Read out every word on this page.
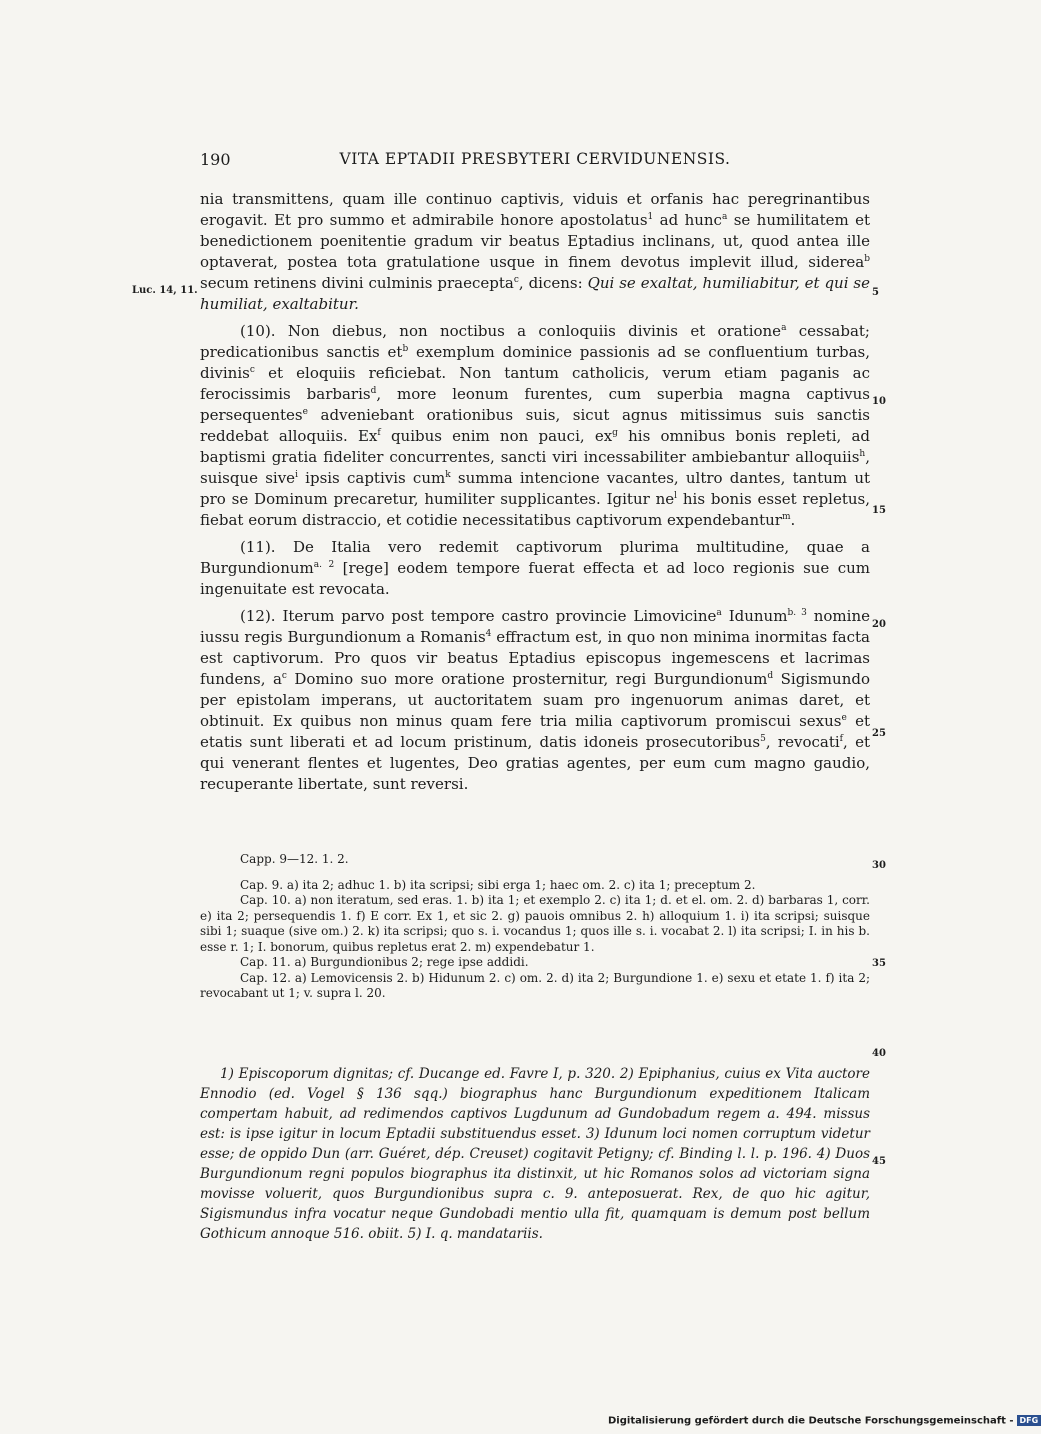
190	VITA EPTADII PRESBYTERI CERVIDUNENSIS.
Luc. 14, 11.	5
10
15
20
25
30
35
40
45

nia transmittens, quam ille continuo captivis, viduis et orfanis hac peregrinantibus erogavit. Et pro summo et admirabile honore apostolatus$^1$ ad hunc$^a$ se humilitatem et benedictionem poenitentie gradum vir beatus Eptadius inclinans, ut, quod antea ille optaverat, postea tota gratulatione usque in finem devotus implevit illud, siderea$^b$ secum retinens divini culminis praecepta$^c$, dicens: Qui se exaltat, humiliabitur, et qui se humiliat, exaltabitur.

(10). Non diebus, non noctibus a conloquiis divinis et oratione$^a$ cessabat; predicationibus sanctis $et^b$ exemplum dominice passionis ad se confluentium turbas, divinis$^c$ et eloquiis reficiebat. Non tantum catholicis, verum etiam paganis ac ferocissimis barbaris$^d$, more leonum furentes, cum superbia magna captivus persequentes$^e$ adveniebant orationibus suis, sicut agnus mitissimus suis sanctis reddebat alloquiis. Ex$^f$ quibus enim non pauci, $ex^g$ his omnibus bonis repleti, ad baptismi gratia fideliter concurrentes, sancti viri incessabiliter ambiebantur alloquiis$^h$, suisque sive$^i$ ipsis captivis cum$^k$ summa intencione vacantes, ultro dantes, tantum ut pro se Dominum precaretur, humiliter supplicantes. Igitur $ne^l$ his bonis esset repletus, fiebat eorum distraccio, et cotidie necessitatibus captivorum expendebantur$^m$.

(11). De Italia vero redemit captivorum plurima multitudine, quae a Burgundionum$^{a. 2}$ [rege] eodem tempore fuerat effecta et ad loco regionis sue cum ingenuitate est revocata.

(12). Iterum parvo post tempore castro provincie Limovicine$^a$ Idunum$^{b. 3}$ nomine iussu regis Burgundionum a Romanis$^4$ effractum est, in quo non minima inormitas facta est captivorum. Pro quos vir beatus Eptadius episcopus ingemescens et lacrimas fundens, $a^c$ Domino suo more oratione prosternitur, regi Burgundionum$^d$ Sigismundo per epistolam imperans, ut auctoritatem suam pro ingenuorum animas daret, et obtinuit. Ex quibus non minus quam fere tria milia captivorum promiscui sexus$^e$ et etatis sunt liberati et ad locum pristinum, datis idoneis prosecutoribus$^5$, revocati$^f$, et qui venerant flentes et lugentes, Deo gratias agentes, per eum cum magno gaudio, recuperante libertate, sunt reversi.

Capp. 9—12. 1. 2.

Cap. 9. a) ita 2; adhuc 1. b) ita scripsi; sibi erga 1; haec om. 2. c) ita 1; preceptum 2.

Cap. 10. a) non iteratum, sed eras. 1. b) ita 1; et exemplo 2. c) ita 1; d. et el. om. 2. d) barbaras 1, corr. e) ita 2; persequendis 1. f) E corr. Ex 1, et sic 2. g) pauois omnibus 2. h) alloquium 1. i) ita scripsi; suisque sibi 1; suaque (sive om.) 2. k) ita scripsi; quo s. i. vocandus 1; quos ille s. i. vocabat 2. l) ita scripsi; I. in his b. esse r. 1; I. bonorum, quibus repletus erat 2. m) expendebatur 1.

Cap. 11. a) Burgundionibus 2; rege ipse addidi.

Cap. 12. a) Lemovicensis 2. b) Hidunum 2. c) om. 2. d) ita 2; Burgundione 1. e) sexu et etate 1. f) ita 2; revocabant ut 1; v. supra l. 20.

1) Episcoporum dignitas; cf. Ducange ed. Favre I, p. 320. 2) Epiphanius, cuius ex Vita auctore Ennodio (ed. Vogel § 136 sqq.) biographus hanc Burgundionum expeditionem Italicam compertam habuit, ad redimendos captivos Lugdunum ad Gundobadum regem a. 494. missus est: is ipse igitur in locum Eptadii substituendus esset. 3) Idunum loci nomen corruptum videtur esse; de oppido Dun (arr. Guéret, dép. Creuset) cogitavit Petigny; cf. Binding l. l. p. 196. 4) Duos Burgundionum regni populos biographus ita distinxit, ut hic Romanos solos ad victoriam signa movisse voluerit, quos Burgundionibus supra c. 9. anteposuerat. Rex, de quo hic agitur, Sigismundus infra vocatur neque Gundobadi mentio ulla fit, quamquam is demum post bellum Gothicum annoque 516. obiit. 5) I. q. mandatariis.

Digitalisierung gefördert durch die Deutsche Forschungsgemeinschaft - DFG
